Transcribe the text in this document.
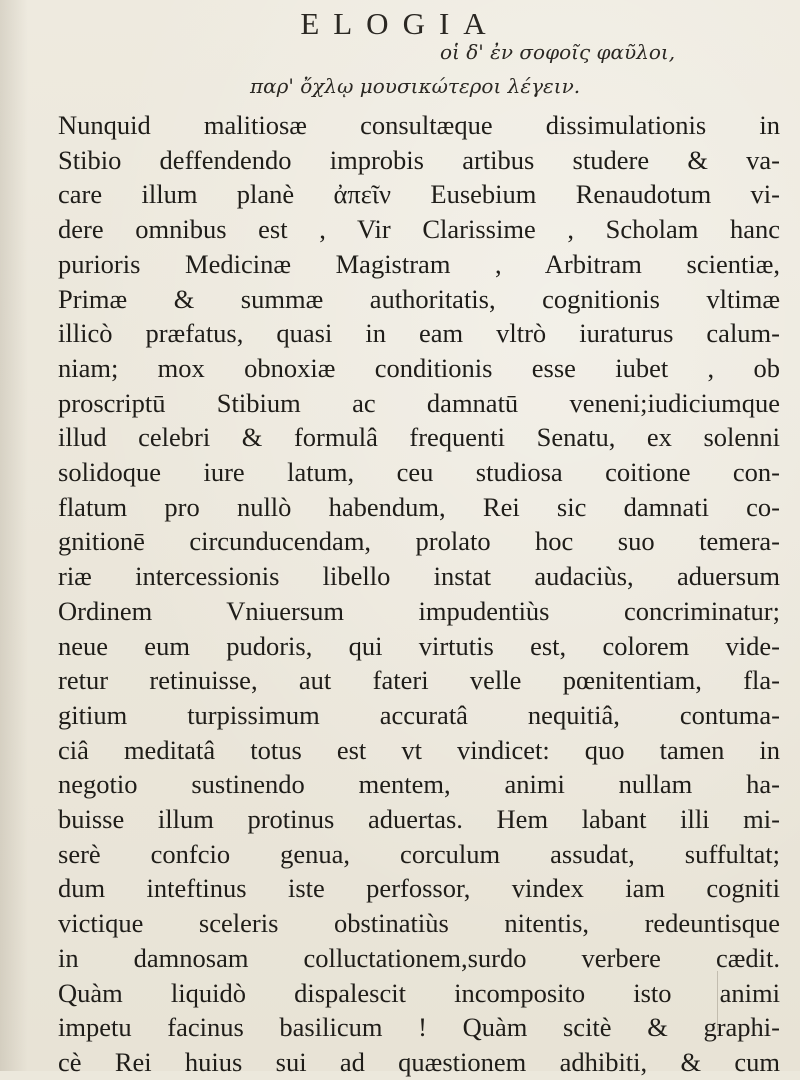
ELOGIA
οἱ δ' ἐν σοφοῖς φαῦλοι,
παρ' ὄχλῳ μουσικώτεροι λέγειν.
Nunquid malitiosæ consultæque dissimulationis in
Stibio deffendendo improbis artibus studere & va-
care illum planè ἀπεῖν Eusebium Renaudotum vi-
dere omnibus est , Vir Clarissime , Scholam hanc
purioris Medicinæ Magistram , Arbitram scientiæ,
Primæ & summæ authoritatis, cognitionis vltimæ
illicò præfatus, quasi in eam vltrò iuraturus calum-
niam; mox obnoxiæ conditionis esse iubet , ob
proscriptū Stibium ac damnatū veneni;iudiciumque
illud celebri & formulâ frequenti Senatu, ex solenni
solidoque iure latum, ceu studiosa coitione con-
flatum pro nullò habendum, Rei sic damnati co-
gnitionē circunducendam, prolato hoc suo temera-
riæ intercessionis libello instat audaciùs, aduersum
Ordinem Vniuersum impudentiùs concriminatur;
neue eum pudoris, qui virtutis est, colorem vide-
retur retinuisse, aut fateri velle pœnitentiam, fla-
gitium turpissimum accuratâ nequitiâ, contuma-
ciâ meditatâ totus est vt vindicet: quo tamen in
negotio sustinendo mentem, animi nullam ha-
buisse illum protinus aduertas. Hem labant illi mi-
serè confcio genua, corculum assudat, suffultat;
dum inteftinus iste perfossor, vindex iam cogniti
victique sceleris obstinatiùs nitentis, redeuntisque
in damnosam colluctationem,surdo verbere cædit.
Quàm liquidò dispalescit incomposito isto animi
impetu facinus basilicum ! Quàm scitè & graphi-
cè Rei huius sui ad quæstionem adhibiti, & cum
